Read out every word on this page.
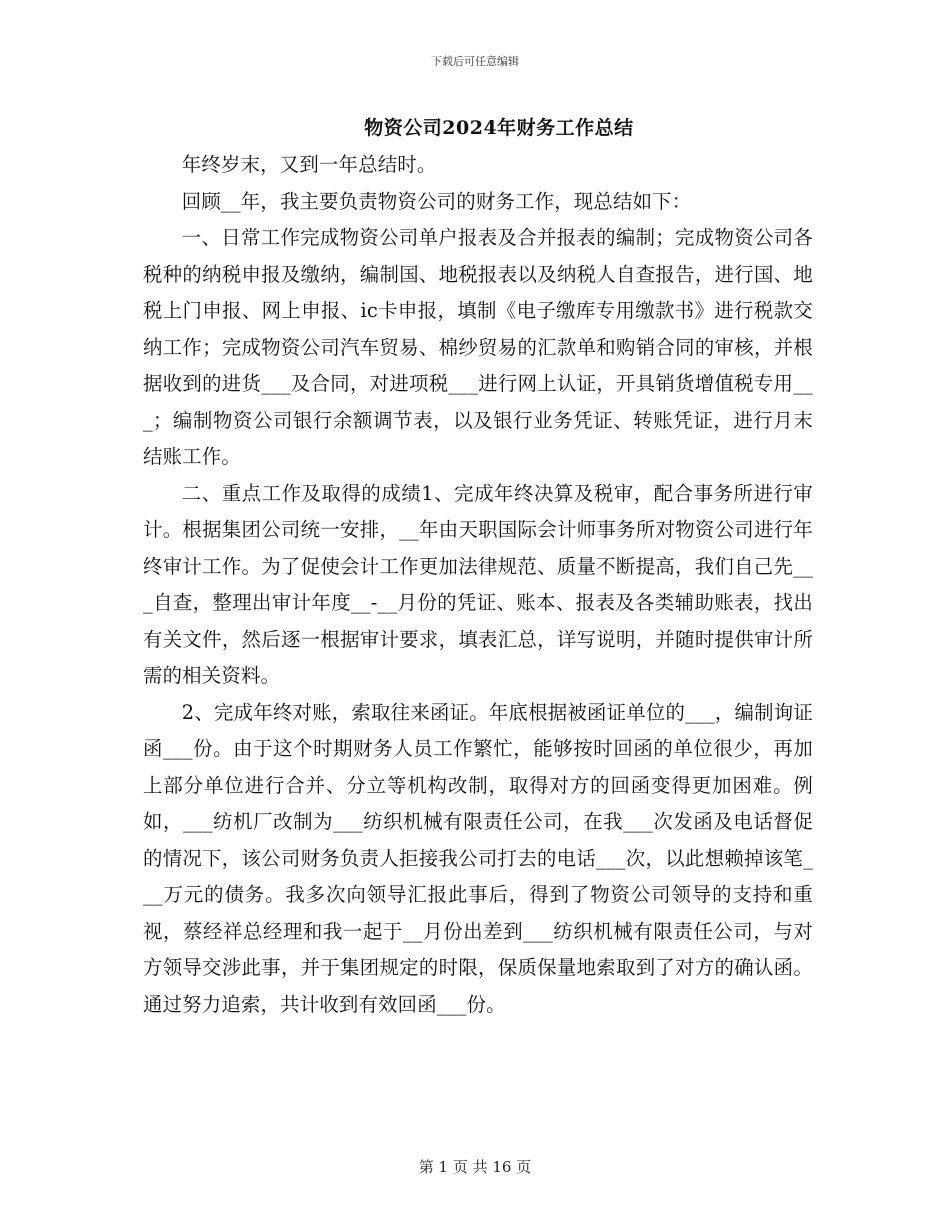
下载后可任意编辑
物资公司2024年财务工作总结

年终岁末，又到一年总结时。

回顾__年，我主要负责物资公司的财务工作，现总结如下：

一、日常工作完成物资公司单户报表及合并报表的编制；完成物资公司各税种的纳税申报及缴纳，编制国、地税报表以及纳税人自查报告，进行国、地税上门申报、网上申报、ic卡申报，填制《电子缴库专用缴款书》进行税款交纳工作；完成物资公司汽车贸易、棉纱贸易的汇款单和购销合同的审核，并根据收到的进货___及合同，对进项税___进行网上认证，开具销货增值税专用___；编制物资公司银行余额调节表，以及银行业务凭证、转账凭证，进行月末结账工作。

二、重点工作及取得的成绩1、完成年终决算及税审，配合事务所进行审计。根据集团公司统一安排，__年由天职国际会计师事务所对物资公司进行年终审计工作。为了促使会计工作更加法律规范、质量不断提高，我们自己先___自查，整理出审计年度__-__月份的凭证、账本、报表及各类辅助账表，找出有关文件，然后逐一根据审计要求，填表汇总，详写说明，并随时提供审计所需的相关资料。

2、完成年终对账，索取往来函证。年底根据被函证单位的___，编制询证函___份。由于这个时期财务人员工作繁忙，能够按时回函的单位很少，再加上部分单位进行合并、分立等机构改制，取得对方的回函变得更加困难。例如，___纺机厂改制为___纺织机械有限责任公司，在我___次发函及电话督促的情况下，该公司财务负责人拒接我公司打去的电话___次，以此想赖掉该笔___万元的债务。我多次向领导汇报此事后，得到了物资公司领导的支持和重视，蔡经祥总经理和我一起于__月份出差到___纺织机械有限责任公司，与对方领导交涉此事，并于集团规定的时限，保质保量地索取到了对方的确认函。通过努力追索，共计收到有效回函___份。

第 1 页 共 16 页
